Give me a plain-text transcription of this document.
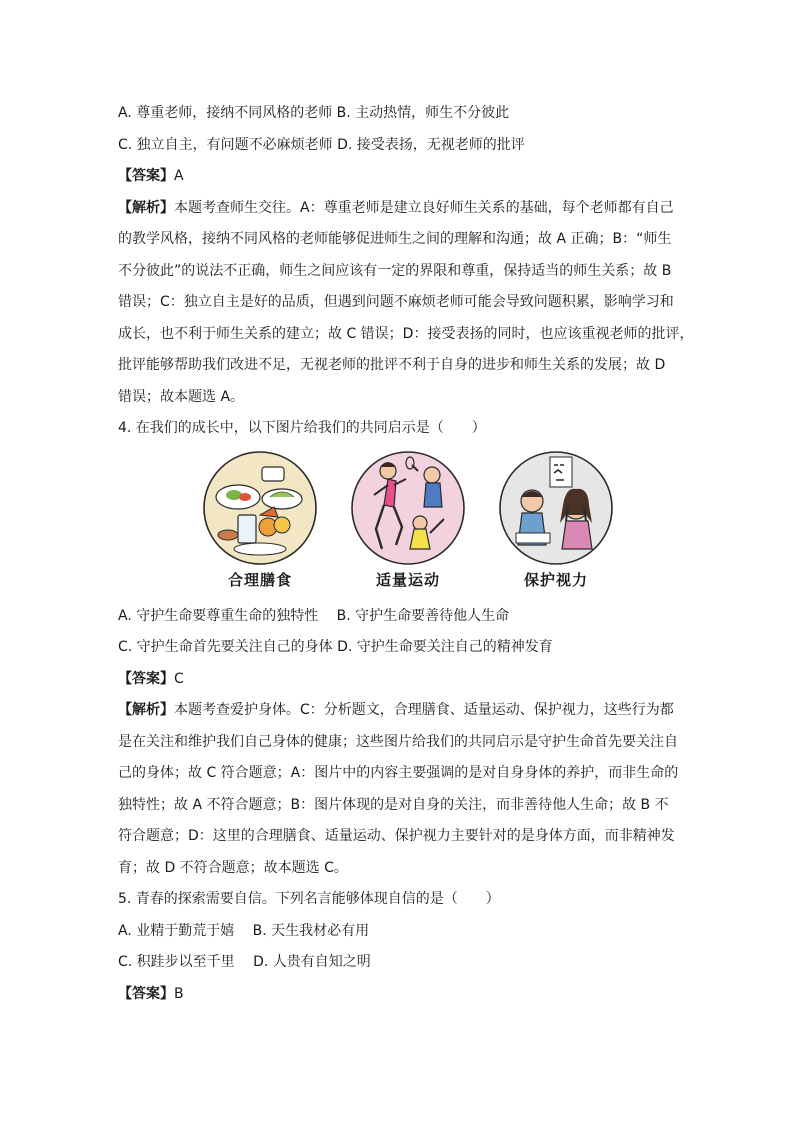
A. 尊重老师，接纳不同风格的老师 B. 主动热情，师生不分彼此
C. 独立自主，有问题不必麻烦老师 D. 接受表扬，无视老师的批评
【答案】A
【解析】本题考查师生交往。A：尊重老师是建立良好师生关系的基础，每个老师都有自己
的教学风格，接纳不同风格的老师能够促进师生之间的理解和沟通；故 A 正确；B：“师生
不分彼此”的说法不正确，师生之间应该有一定的界限和尊重，保持适当的师生关系；故 B
错误；C：独立自主是好的品质，但遇到问题不麻烦老师可能会导致问题积累，影响学习和
成长，也不利于师生关系的建立；故 C 错误；D：接受表扬的同时，也应该重视老师的批评，
批评能够帮助我们改进不足，无视老师的批评不利于自身的进步和师生关系的发展；故 D
错误；故本题选 A。
4. 在我们的成长中，以下图片给我们的共同启示是（　　）
合理膳食	适量运动	保护视力
A. 守护生命要尊重生命的独特性　 B. 守护生命要善待他人生命
C. 守护生命首先要关注自己的身体 D. 守护生命要关注自己的精神发育
【答案】C
【解析】本题考查爱护身体。C：分析题文，合理膳食、适量运动、保护视力，这些行为都
是在关注和维护我们自己身体的健康；这些图片给我们的共同启示是守护生命首先要关注自
己的身体；故 C 符合题意；A：图片中的内容主要强调的是对自身身体的养护，而非生命的
独特性；故 A 不符合题意；B：图片体现的是对自身的关注，而非善待他人生命；故 B 不
符合题意；D：这里的合理膳食、适量运动、保护视力主要针对的是身体方面，而非精神发
育；故 D 不符合题意；故本题选 C。
5. 青春的探索需要自信。下列名言能够体现自信的是（　　）
A. 业精于勤荒于嬉　 B. 天生我材必有用
C. 积跬步以至千里　 D. 人贵有自知之明
【答案】B
